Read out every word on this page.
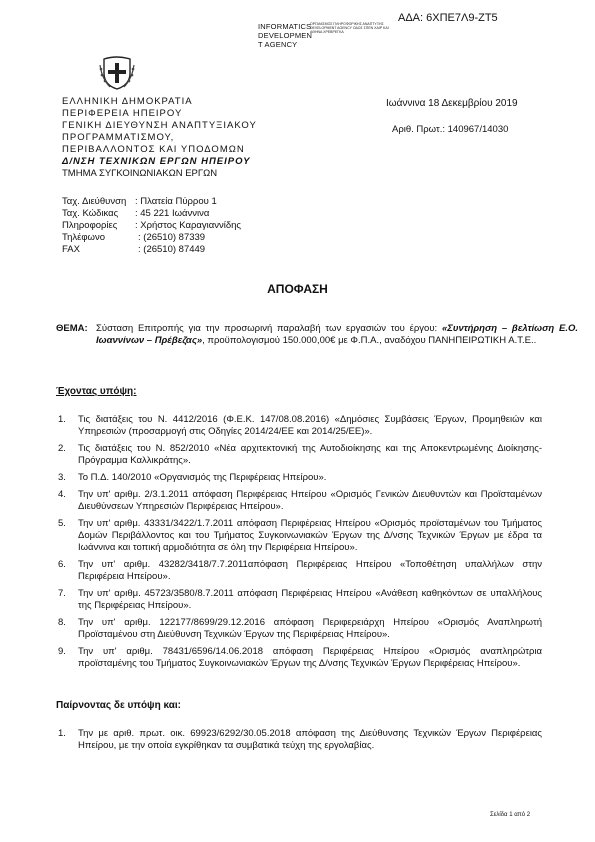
ΑΔΑ: 6ΧΠΕ7Λ9-ΖΤ5
INFORMATICS
DEVELOPMEN
T AGENCY
ΟΡΓΑΝΙΣΜΟΣ ΠΛΗΡΟΦΟΡΙΚΗΣ ΑΝΑΠΤΥΞΗΣ DEVELOPMENT AGENCY ΟΔΟΣ ΣΠΕΝ ΧΑΙΡ ΚΑΙ ΑΘΗΝΑ ΧΡΕΒΡΕΓΚΑ
ΕΛΛΗΝΙΚΗ ΔΗΜΟΚΡΑΤΙΑ
ΠΕΡΙΦΕΡΕΙΑ ΗΠΕΙΡΟΥ
ΓΕΝΙΚΗ ΔΙΕΥΘΥΝΣΗ ΑΝΑΠΤΥΞΙΑΚΟΥ
ΠΡΟΓΡΑΜΜΑΤΙΣΜΟΥ,
ΠΕΡΙΒΑΛΛΟΝΤΟΣ ΚΑΙ ΥΠΟΔΟΜΩΝ
Δ/ΝΣΗ ΤΕΧΝΙΚΩΝ ΕΡΓΩΝ ΗΠΕΙΡΟΥ
ΤΜΗΜΑ ΣΥΓΚΟΙΝΩΝΙΑΚΩΝ ΕΡΓΩΝ
Ιωάννινα 18 Δεκεμβρίου 2019
Αριθ. Πρωτ.: 140967/14030
Ταχ. Διεύθυνση : Πλατεία Πύρρου 1
Ταχ. Κώδικας : 45 221 Ιωάννινα
Πληροφορίες : Χρήστος Καραγιαννίδης
Τηλέφωνο	: (26510) 87339
FAX	: (26510) 87449
ΑΠΟΦΑΣΗ
ΘΕΜΑ: Σύσταση Επιτροπής για την προσωρινή παραλαβή των εργασιών του έργου: «Συντήρηση – βελτίωση Ε.Ο. Ιωαννίνων – Πρέβεζας», προϋπολογισμού 150.000,00€ με Φ.Π.Α., αναδόχου ΠΑΝΗΠΕΙΡΩΤΙΚΗ Α.Τ.Ε..
Έχοντας υπόψη:
1. Τις διατάξεις του Ν. 4412/2016 (Φ.Ε.Κ. 147/08.08.2016) «Δημόσιες Συμβάσεις Έργων, Προμηθειών και Υπηρεσιών (προσαρμογή στις Οδηγίες 2014/24/ΕΕ και 2014/25/ΕΕ)».
2. Τις διατάξεις του Ν. 852/2010 «Νέα αρχιτεκτονική της Αυτοδιοίκησης και της Αποκεντρωμένης Διοίκησης- Πρόγραμμα Καλλικράτης».
3. Το Π.Δ. 140/2010 «Οργανισμός της Περιφέρειας Ηπείρου».
4. Την υπ' αριθμ. 2/3.1.2011 απόφαση Περιφέρειας Ηπείρου «Ορισμός Γενικών Διευθυντών και Προϊσταμένων Διευθύνσεων Υπηρεσιών Περιφέρειας Ηπείρου».
5. Την υπ' αριθμ. 43331/3422/1.7.2011 απόφαση Περιφέρειας Ηπείρου «Ορισμός προϊσταμένων του Τμήματος Δομών Περιβάλλοντος και του Τμήματος Συγκοινωνιακών Έργων της Δ/νσης Τεχνικών Έργων με έδρα τα Ιωάννινα και τοπική αρμοδιότητα σε όλη την Περιφέρεια Ηπείρου».
6. Την υπ' αριθμ. 43282/3418/7.7.2011απόφαση Περιφέρειας Ηπείρου «Τοποθέτηση υπαλλήλων στην Περιφέρεια Ηπείρου».
7. Την υπ' αριθμ. 45723/3580/8.7.2011 απόφαση Περιφέρειας Ηπείρου «Ανάθεση καθηκόντων σε υπαλλήλους της Περιφέρειας Ηπείρου».
8. Την υπ' αριθμ. 122177/8699/29.12.2016 απόφαση Περιφερειάρχη Ηπείρου «Ορισμός Αναπληρωτή Προϊσταμένου στη Διεύθυνση Τεχνικών Έργων της Περιφέρειας Ηπείρου».
9. Την υπ' αριθμ. 78431/6596/14.06.2018 απόφαση Περιφέρειας Ηπείρου «Ορισμός αναπληρώτρια προϊσταμένης του Τμήματος Συγκοινωνιακών Έργων της Δ/νσης Τεχνικών Έργων Περιφέρειας Ηπείρου».
Παίρνοντας δε υπόψη και:
1. Την με αριθ. πρωτ. οικ. 69923/6292/30.05.2018 απόφαση της Διεύθυνσης Τεχνικών Έργων Περιφέρειας Ηπείρου, με την οποία εγκρίθηκαν τα συμβατικά τεύχη της εργολαβίας.
Σελίδα 1 από 2
